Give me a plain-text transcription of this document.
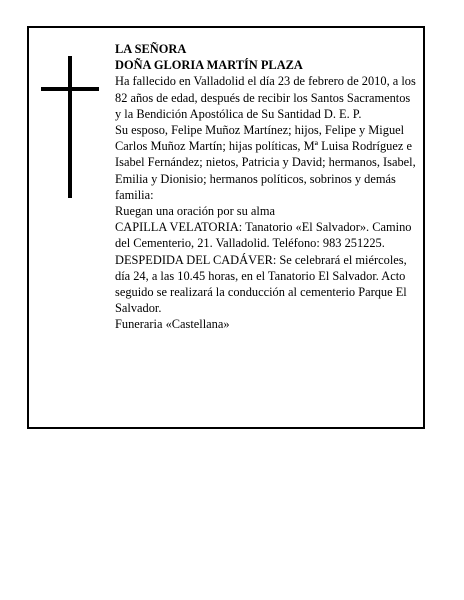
LA SEÑORA

DOÑA GLORIA MARTÍN PLAZA

Ha fallecido en Valladolid el día 23 de febrero de 2010, a los 82 años de edad, después de recibir los Santos Sacramentos y la Bendición Apostólica de Su Santidad D. E. P.

Su esposo, Felipe Muñoz Martínez; hijos, Felipe y Miguel Carlos Muñoz Martín; hijas políticas, Mª Luisa Rodríguez e Isabel Fernández; nietos, Patricia y David; hermanos, Isabel, Emilia y Dionisio; hermanos políticos, sobrinos y demás familia:

Ruegan una oración por su alma

CAPILLA VELATORIA: Tanatorio «El Salvador». Camino del Cementerio, 21. Valladolid. Teléfono: 983 251225.

DESPEDIDA DEL CADÁVER: Se celebrará el miércoles, día 24, a las 10.45 horas, en el Tanatorio El Salvador. Acto seguido se realizará la conducción al cementerio Parque El Salvador.

Funeraria «Castellana»
